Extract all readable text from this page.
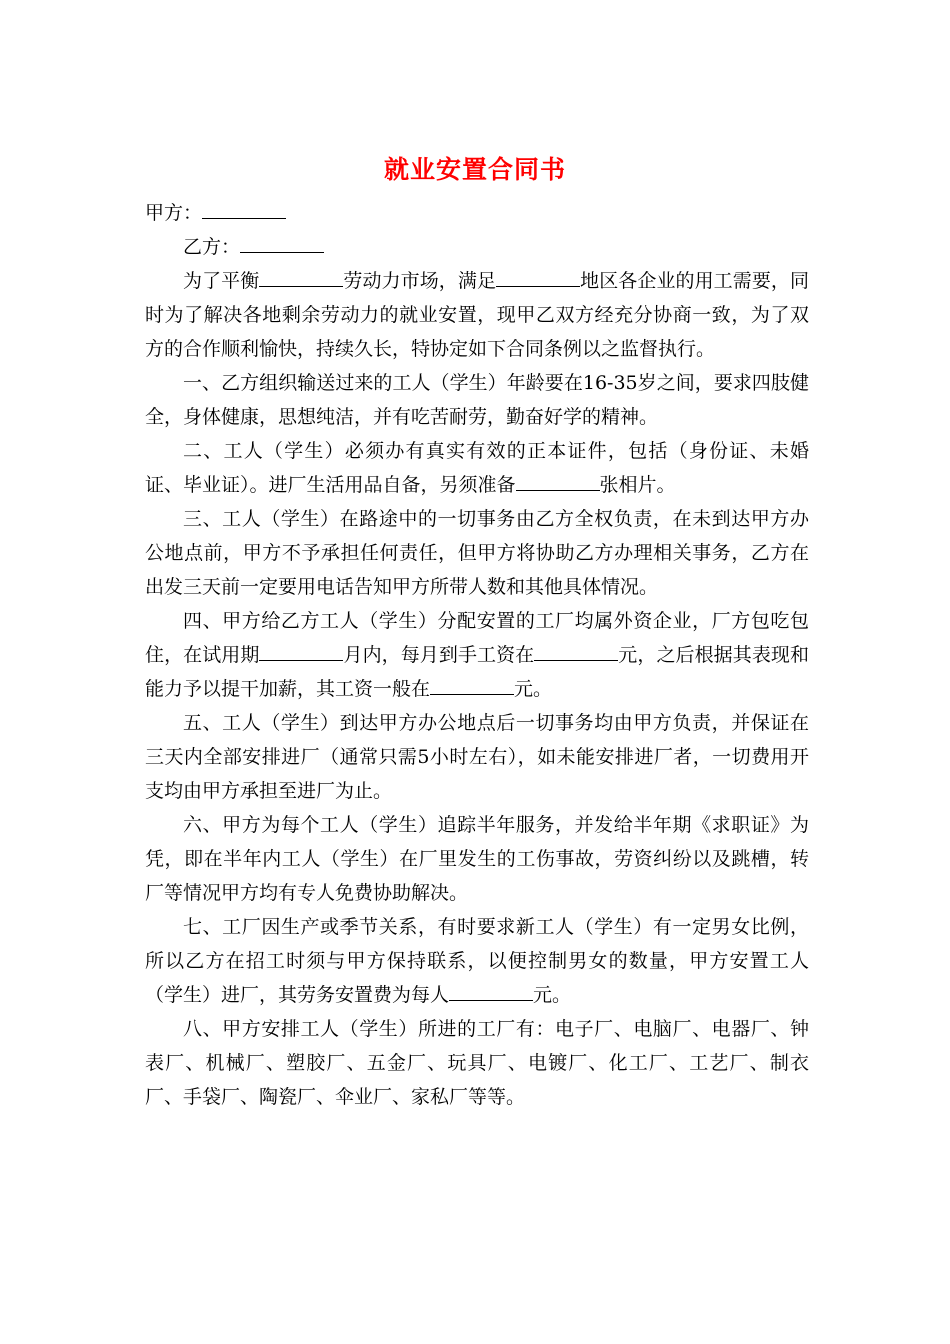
就业安置合同书

甲方：

乙方：

为了平衡	劳动力市场，满足	地区各企业的用工需要，同时为了解决各地剩余劳动力的就业安置，现甲乙双方经充分协商一致，为了双方的合作顺利愉快，持续久长，特协定如下合同条例以之监督执行。

一、乙方组织输送过来的工人（学生）年龄要在16-35岁之间，要求四肢健全，身体健康，思想纯洁，并有吃苦耐劳，勤奋好学的精神。

二、工人（学生）必须办有真实有效的正本证件，包括（身份证、未婚证、毕业证）。进厂生活用品自备，另须准备	张相片。

三、工人（学生）在路途中的一切事务由乙方全权负责，在未到达甲方办公地点前，甲方不予承担任何责任，但甲方将协助乙方办理相关事务，乙方在出发三天前一定要用电话告知甲方所带人数和其他具体情况。

四、甲方给乙方工人（学生）分配安置的工厂均属外资企业，厂方包吃包住，在试用期	月内，每月到手工资在	元，之后根据其表现和能力予以提干加薪，其工资一般在	元。

五、工人（学生）到达甲方办公地点后一切事务均由甲方负责，并保证在三天内全部安排进厂（通常只需5小时左右），如未能安排进厂者，一切费用开支均由甲方承担至进厂为止。

六、甲方为每个工人（学生）追踪半年服务，并发给半年期《求职证》为凭，即在半年内工人（学生）在厂里发生的工伤事故，劳资纠纷以及跳槽，转厂等情况甲方均有专人免费协助解决。

七、工厂因生产或季节关系，有时要求新工人（学生）有一定男女比例，所以乙方在招工时须与甲方保持联系，以便控制男女的数量，甲方安置工人（学生）进厂，其劳务安置费为每人	元。

八、甲方安排工人（学生）所进的工厂有：电子厂、电脑厂、电器厂、钟表厂、机械厂、塑胶厂、五金厂、玩具厂、电镀厂、化工厂、工艺厂、制衣厂、手袋厂、陶瓷厂、伞业厂、家私厂等等。
